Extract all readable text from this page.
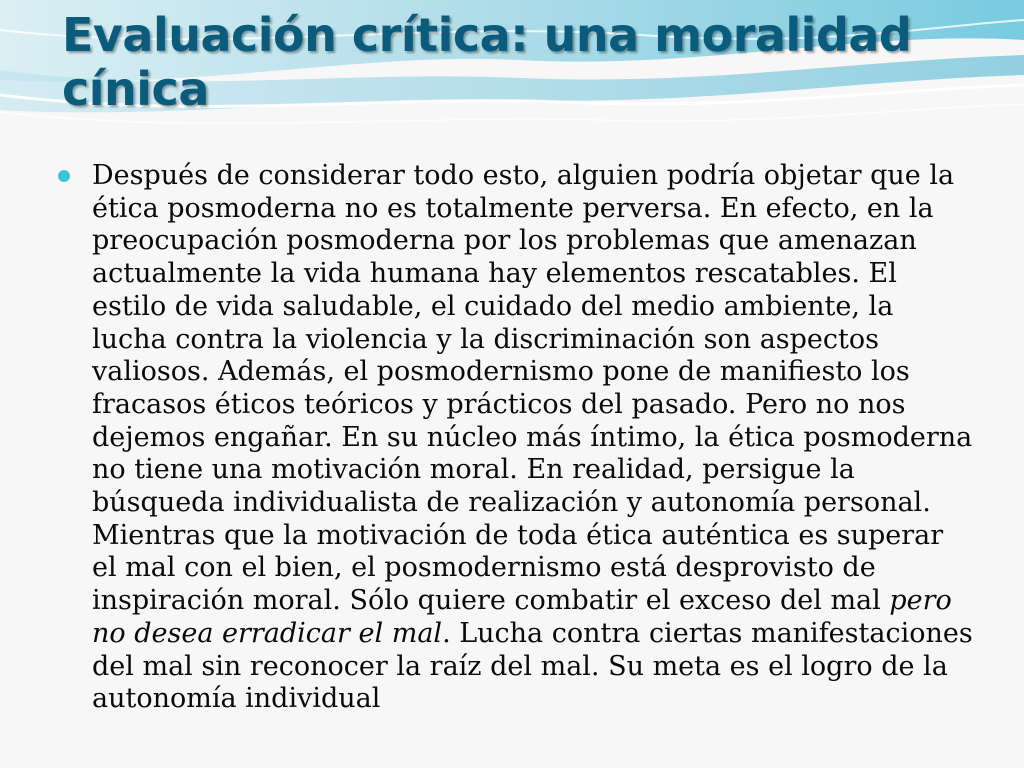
Evaluación crítica: una moralidad
cínica
Después de considerar todo esto, alguien podría objetar que la ética posmoderna no es totalmente perversa. En efecto, en la preocupación posmoderna por los problemas que amenazan actualmente la vida humana hay elementos rescatables. El estilo de vida saludable, el cuidado del medio ambiente, la lucha contra la violencia y la discriminación son aspectos valiosos. Además, el posmodernismo pone de manifiesto los fracasos éticos teóricos y prácticos del pasado. Pero no nos dejemos engañar. En su núcleo más íntimo, la ética posmoderna no tiene una motivación moral. En realidad, persigue la búsqueda individualista de realización y autonomía personal. Mientras que la motivación de toda ética auténtica es superar el mal con el bien, el posmodernismo está desprovisto de inspiración moral. Sólo quiere combatir el exceso del mal pero no desea erradicar el mal. Lucha contra ciertas manifestaciones del mal sin reconocer la raíz del mal. Su meta es el logro de la autonomía individual
